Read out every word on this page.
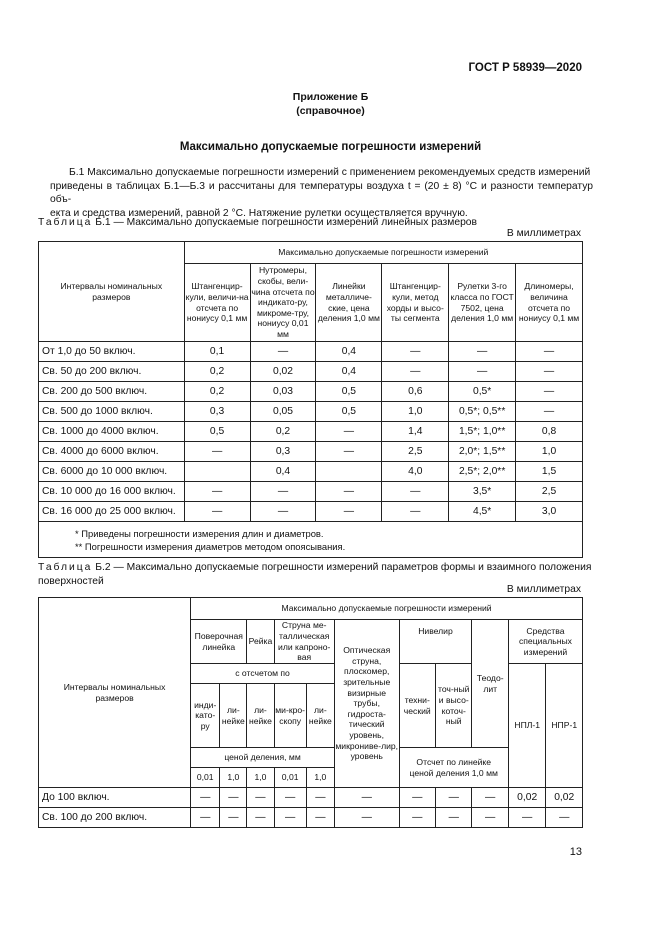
ГОСТ Р 58939—2020
Приложение Б
(справочное)
Максимально допускаемые погрешности измерений
Б.1 Максимально допускаемые погрешности измерений с применением рекомендуемых средств измерений
приведены в таблицах Б.1—Б.3 и рассчитаны для температуры воздуха t = (20 ± 8) °С и разности температур объ-
екта и средства измерений, равной 2 °С. Натяжение рулетки осуществляется вручную.
Таблица Б.1 — Максимально допускаемые погрешности измерений линейных размеров
В миллиметрах
Интервалы номинальных размеров	Максимально допускаемые погрешности измерений					
	Штангенцир-кули, величи-на отсчета по нониусу 0,1 мм	Нутромеры, скобы, вели-чина отсчета по индикато-ру, микроме-тру, нониусу 0,01 мм	Линейки металличе-ские, цена деления 1,0 мм	Штангенцир-кули, метод хорды и высо-ты сегмента	Рулетки 3-го класса по ГОСТ 7502, цена деления 1,0 мм	Длиномеры, величина отсчета по нониусу 0,1 мм
От 1,0 до 50 включ.	0,1	—	0,4	—	—	—
Св. 50 до 200 включ.	0,2	0,02	0,4	—	—	—
Св. 200 до 500 включ.	0,2	0,03	0,5	0,6	0,5*	—
Св. 500 до 1000 включ.	0,3	0,05	0,5	1,0	0,5*; 0,5**	—
Св. 1000 до 4000 включ.	0,5	0,2	—	1,4	1,5*; 1,0**	0,8
Св. 4000 до 6000 включ.	—	0,3	—	2,5	2,0*; 1,5**	1,0
Св. 6000 до 10 000 включ.		0,4		4,0	2,5*; 2,0**	1,5
Св. 10 000 до 16 000 включ.	—	—	—	—	3,5*	2,5
Св. 16 000 до 25 000 включ.	—	—	—	—	4,5*	3,0

* Приведены погрешности измерения длин и диаметров.
** Погрешности измерения диаметров методом опоясывания.						
Таблица Б.2 — Максимально допускаемые погрешности измерений параметров формы и взаимного положения
поверхностей
В миллиметрах
Интервалы номинальных размеров	Максимально допускаемые погрешности измерений										
	Поверочная линейка		Рейка	Струна ме-таллическая или капроно-вая		Оптическая струна, плоскомер, зрительные визирные трубы, гидроста-тический уровень, микрониве-лир, уровень	Нивелир		Теодо-лит	Средства специальных измерений	
	с отсчетом по						техни-ческий	точ-ный и высо-коточ-ный		НПЛ-1	НПР-1
	инди-като-ру	ли-нейке	ли-нейке	ми-кро-скопу	ли-нейке						
	ценой деления, мм						Отсчет по линейке ценой деления 1,0 мм				
	0,01	1,0	1,0	0,01	1,0						
До 100 включ.	—	—	—	—	—	—	—	—	—	0,02	0,02
Св. 100 до 200 включ.	—	—	—	—	—	—	—	—	—	—	—
13
